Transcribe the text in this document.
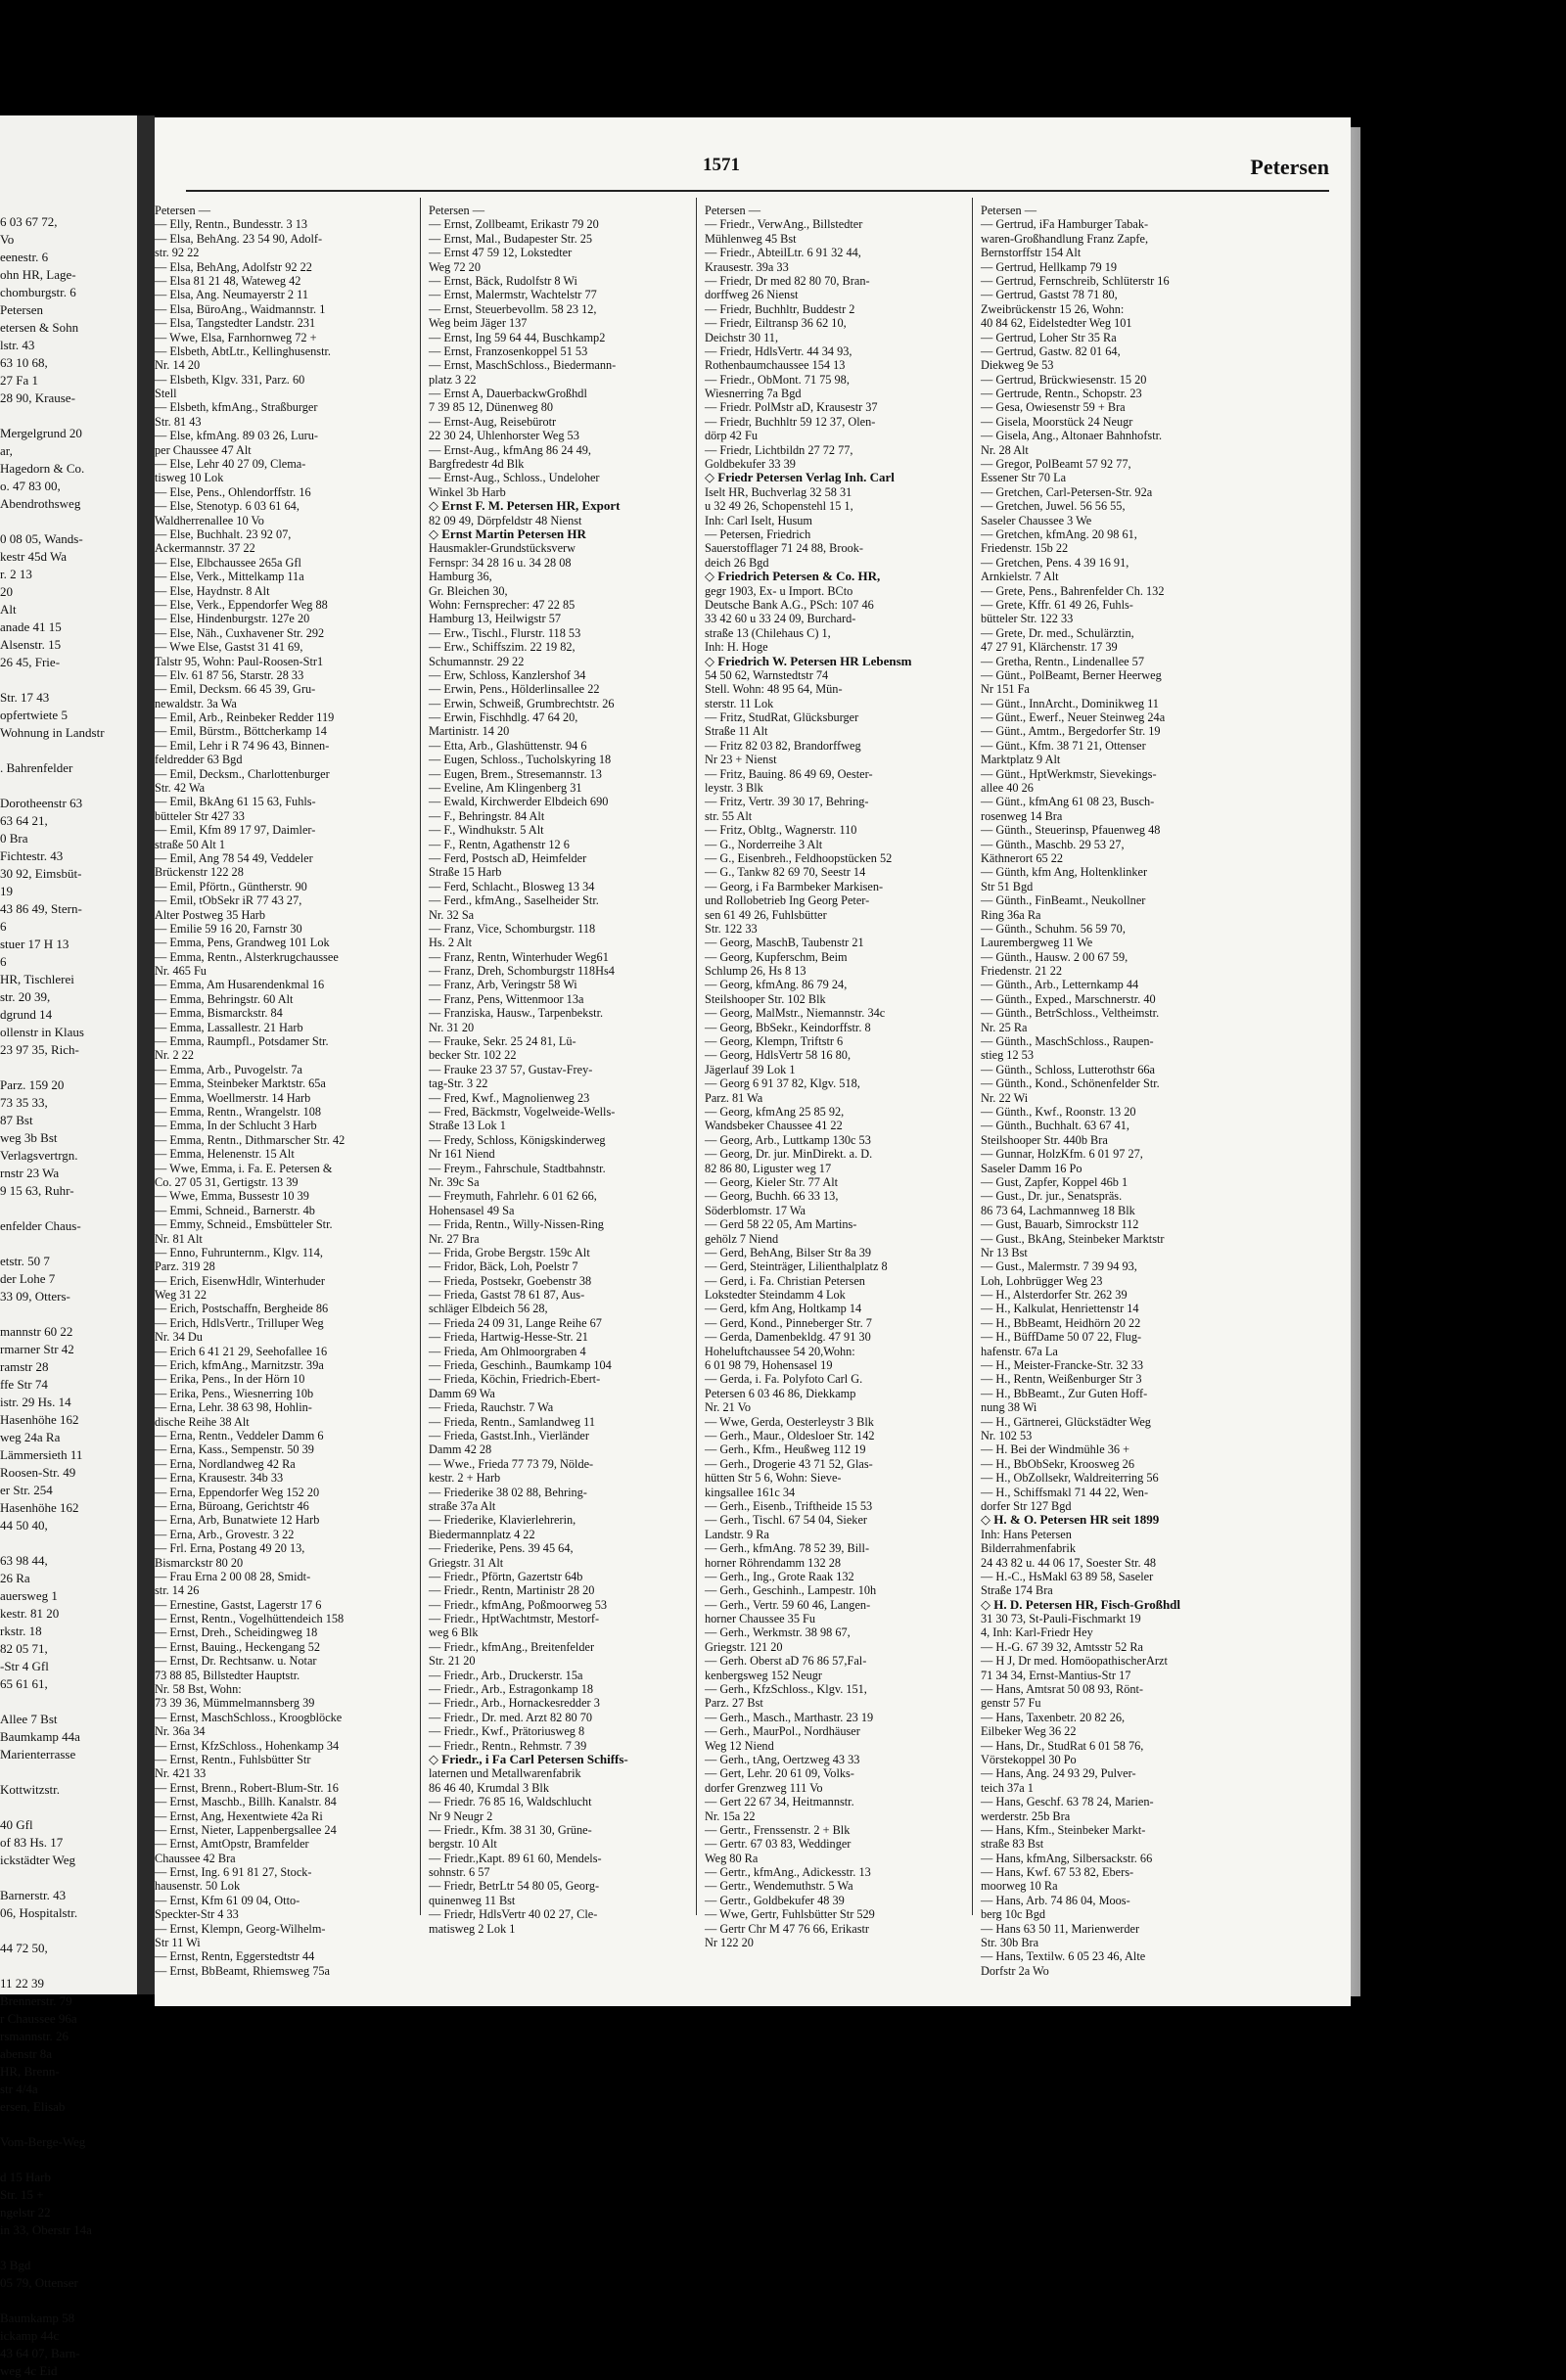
6 03 67 72,
Vo
eenestr. 6
ohn HR, Lage-
chomburgstr. 6
Petersen
etersen & Sohn
lstr. 43
63 10 68,
27 Fa 1
28 90, Krause-
Mergelgrund 20
ar,
Hagedorn & Co.
o. 47 83 00,
Abendrothsweg
0 08 05, Wands-
kestr 45d Wa
r. 2 13
20
Alt
anade 41 15
Alsenstr. 15
26 45, Frie-
Str. 17 43
opfertwiete 5
Wohnung in Landstr
. Bahrenfelder
Dorotheenstr 63
63 64 21,
0 Bra
Fichtestr. 43
30 92, Eimsbüt-
19
43 86 49, Stern-
6
stuer 17 H 13
6
HR, Tischlerei
str. 20 39,
dgrund 14
ollenstr in Klaus
23 97 35, Rich-
Parz. 159 20
73 35 33,
87 Bst
weg 3b Bst
Verlagsvertrgn.
rnstr 23 Wa
9 15 63, Ruhr-
enfelder Chaus-
etstr. 50 7
der Lohe 7
33 09, Otters-
mannstr 60 22
rmarner Str 42
ramstr 28
ffe Str 74
istr. 29 Hs. 14
Hasenhöhe 162
weg 24a Ra
Lämmersieth 11
Roosen-Str. 49
er Str. 254
Hasenhöhe 162
44 50 40,
63 98 44,
26 Ra
auersweg 1
kestr. 81 20
rkstr. 18
82 05 71,
-Str 4 Gfl
65 61 61,
Allee 7 Bst
Baumkamp 44a
Marienterrasse
Kottwitzstr.
40 Gfl
of 83 Hs. 17
ickstädter Weg
Barnerstr. 43
06, Hospitalstr.
44 72 50,
11 22 39
Brennerstr. 79
r Chaussee 96a
rsmannstr. 26
abenstr 8a
HR, Brenn-
str 4/4a
ersen, Elisab
Vom-Berge-Weg
d 15 Harb
Str. 15 +
ngelstr 22
in 33, Oberstr 14a
3 Bgd
05 79, Ottenser
Baumkamp 58
ickamp 44c
43 64 07, Barn-
weg 4c Eid
1571	Petersen
Petersen —
— Elly, Rentn., Bundesstr. 3 13
— Elsa, BehAng. 23 54 90, Adolf-
str. 92 22
— Elsa, BehAng, Adolfstr 92 22
— Elsa 81 21 48, Wateweg 42
— Elsa, Ang. Neumayerstr 2 11
— Elsa, BüroAng., Waidmannstr. 1
— Elsa, Tangstedter Landstr. 231
— Wwe, Elsa, Farnhornweg 72 +
— Elsbeth, AbtLtr., Kellinghusenstr.
Nr. 14 20
— Elsbeth, Klgv. 331, Parz. 60
Stell
— Elsbeth, kfmAng., Straßburger
Str. 81 43
— Else, kfmAng. 89 03 26, Luru-
per Chaussee 47 Alt
— Else, Lehr 40 27 09, Clema-
tisweg 10 Lok
— Else, Pens., Ohlendorffstr. 16
— Else, Stenotyp. 6 03 61 64,
Waldherrenallee 10 Vo
— Else, Buchhalt. 23 92 07,
Ackermannstr. 37 22
— Else, Elbchaussee 265a Gfl
— Else, Verk., Mittelkamp 11a
— Else, Haydnstr. 8 Alt
— Else, Verk., Eppendorfer Weg 88
— Else, Hindenburgstr. 127e 20
— Else, Näh., Cuxhavener Str. 292
— Wwe Else, Gastst 31 41 69,
Talstr 95, Wohn: Paul-Roosen-Str1
— Elv. 61 87 56, Starstr. 28 33
— Emil, Decksm. 66 45 39, Gru-
newaldstr. 3a Wa
— Emil, Arb., Reinbeker Redder 119
— Emil, Bürstm., Böttcherkamp 14
— Emil, Lehr i R 74 96 43, Binnen-
feldredder 63 Bgd
— Emil, Decksm., Charlottenburger
Str. 42 Wa
— Emil, BkAng 61 15 63, Fuhls-
bütteler Str 427 33
— Emil, Kfm 89 17 97, Daimler-
straße 50 Alt 1
— Emil, Ang 78 54 49, Veddeler
Brückenstr 122 28
— Emil, Pförtn., Güntherstr. 90
— Emil, tObSekr iR 77 43 27,
Alter Postweg 35 Harb
— Emilie 59 16 20, Farnstr 30
— Emma, Pens, Grandweg 101 Lok
— Emma, Rentn., Alsterkrugchaussee
Nr. 465 Fu
— Emma, Am Husarendenkmal 16
— Emma, Behringstr. 60 Alt
— Emma, Bismarckstr. 84
— Emma, Lassallestr. 21 Harb
— Emma, Raumpfl., Potsdamer Str.
Nr. 2 22
— Emma, Arb., Puvogelstr. 7a
— Emma, Steinbeker Marktstr. 65a
— Emma, Woellmerstr. 14 Harb
— Emma, Rentn., Wrangelstr. 108
— Emma, In der Schlucht 3 Harb
— Emma, Rentn., Dithmarscher Str. 42
— Emma, Helenenstr. 15 Alt
— Wwe, Emma, i. Fa. E. Petersen &
Co. 27 05 31, Gertigstr. 13 39
— Wwe, Emma, Bussestr 10 39
— Emmi, Schneid., Barnerstr. 4b
— Emmy, Schneid., Emsbütteler Str.
Nr. 81 Alt
— Enno, Fuhrunternm., Klgv. 114,
Parz. 319 28
— Erich, EisenwHdlr, Winterhuder
Weg 31 22
— Erich, Postschaffn, Bergheide 86
— Erich, HdlsVertr., Trilluper Weg
Nr. 34 Du
— Erich 6 41 21 29, Seehofallee 16
— Erich, kfmAng., Marnitzstr. 39a
— Erika, Pens., In der Hörn 10
— Erika, Pens., Wiesnerring 10b
— Erna, Lehr. 38 63 98, Hohlin-
dische Reihe 38 Alt
— Erna, Rentn., Veddeler Damm 6
— Erna, Kass., Sempenstr. 50 39
— Erna, Nordlandweg 42 Ra
— Erna, Krausestr. 34b 33
— Erna, Eppendorfer Weg 152 20
— Erna, Büroang, Gerichtstr 46
— Erna, Arb, Bunatwiete 12 Harb
— Erna, Arb., Grovestr. 3 22
— Frl. Erna, Postang 49 20 13,
Bismarckstr 80 20
— Frau Erna 2 00 08 28, Smidt-
str. 14 26
— Ernestine, Gastst, Lagerstr 17 6
— Ernst, Rentn., Vogelhüttendeich 158
— Ernst, Dreh., Scheidingweg 18
— Ernst, Bauing., Heckengang 52
— Ernst, Dr. Rechtsanw. u. Notar
73 88 85, Billstedter Hauptstr.
Nr. 58 Bst, Wohn:
73 39 36, Mümmelmannsberg 39
— Ernst, MaschSchloss., Kroogblöcke
Nr. 36a 34
— Ernst, KfzSchloss., Hohenkamp 34
— Ernst, Rentn., Fuhlsbütter Str
Nr. 421 33
— Ernst, Brenn., Robert-Blum-Str. 16
— Ernst, Maschb., Billh. Kanalstr. 84
— Ernst, Ang, Hexentwiete 42a Ri
— Ernst, Nieter, Lappenbergsallee 24
— Ernst, AmtOpstr, Bramfelder
Chaussee 42 Bra
— Ernst, Ing. 6 91 81 27, Stock-
hausenstr. 50 Lok
— Ernst, Kfm 61 09 04, Otto-
Speckter-Str 4 33
— Ernst, Klempn, Georg-Wilhelm-
Str 11 Wi
— Ernst, Rentn, Eggerstedtstr 44
— Ernst, BbBeamt, Rhiemsweg 75a
Petersen —
— Ernst, Zollbeamt, Erikastr 79 20
— Ernst, Mal., Budapester Str. 25
— Ernst 47 59 12, Lokstedter
Weg 72 20
— Ernst, Bäck, Rudolfstr 8 Wi
— Ernst, Malermstr, Wachtelstr 77
— Ernst, Steuerbevollm. 58 23 12,
Weg beim Jäger 137
— Ernst, Ing 59 64 44, Buschkamp2
— Ernst, Franzosenkoppel 51 53
— Ernst, MaschSchloss., Biedermann-
platz 3 22
— Ernst A, DauerbackwGroßhdl
7 39 85 12, Dünenweg 80
— Ernst-Aug, Reisebürotr
22 30 24, Uhlenhorster Weg 53
— Ernst-Aug., kfmAng 86 24 49,
Bargfredestr 4d Blk
— Ernst-Aug., Schloss., Undeloher
Winkel 3b Harb
◇ Ernst F. M. Petersen HR, Export
82 09 49, Dörpfeldstr 48 Nienst
◇ Ernst Martin Petersen HR
Hausmakler-Grundstücksverw
Fernspr: 34 28 16 u. 34 28 08
Hamburg 36,
Gr. Bleichen 30,
Wohn: Fernsprecher: 47 22 85
Hamburg 13, Heilwigstr 57
— Erw., Tischl., Flurstr. 118 53
— Erw., Schiffszim. 22 19 82,
Schumannstr. 29 22
— Erw, Schloss, Kanzlershof 34
— Erwin, Pens., Hölderlinsallee 22
— Erwin, Schweiß, Grumbrechtstr. 26
— Erwin, Fischhdlg. 47 64 20,
Martinistr. 14 20
— Etta, Arb., Glashüttenstr. 94 6
— Eugen, Schloss., Tucholskyring 18
— Eugen, Brem., Stresemannstr. 13
— Eveline, Am Klingenberg 31
— Ewald, Kirchwerder Elbdeich 690
— F., Behringstr. 84 Alt
— F., Windhukstr. 5 Alt
— F., Rentn, Agathenstr 12 6
— Ferd, Postsch aD, Heimfelder
Straße 15 Harb
— Ferd, Schlacht., Blosweg 13 34
— Ferd., kfmAng., Saselheider Str.
Nr. 32 Sa
— Franz, Vice, Schomburgstr. 118
Hs. 2 Alt
— Franz, Rentn, Winterhuder Weg61
— Franz, Dreh, Schomburgstr 118Hs4
— Franz, Arb, Veringstr 58 Wi
— Franz, Pens, Wittenmoor 13a
— Franziska, Hausw., Tarpenbekstr.
Nr. 31 20
— Frauke, Sekr. 25 24 81, Lü-
becker Str. 102 22
— Frauke 23 37 57, Gustav-Frey-
tag-Str. 3 22
— Fred, Kwf., Magnolienweg 23
— Fred, Bäckmstr, Vogelweide-Wells-
Straße 13 Lok 1
— Fredy, Schloss, Königskinderweg
Nr 161 Niend
— Freym., Fahrschule, Stadtbahnstr.
Nr. 39c Sa
— Freymuth, Fahrlehr. 6 01 62 66,
Hohensasel 49 Sa
— Frida, Rentn., Willy-Nissen-Ring
Nr. 27 Bra
— Frida, Grobe Bergstr. 159c Alt
— Fridor, Bäck, Loh, Poelstr 7
— Frieda, Postsekr, Goebenstr 38
— Frieda, Gastst 78 61 87, Aus-
schläger Elbdeich 56 28,
— Frieda 24 09 31, Lange Reihe 67
— Frieda, Hartwig-Hesse-Str. 21
— Frieda, Am Ohlmoorgraben 4
— Frieda, Geschinh., Baumkamp 104
— Frieda, Köchin, Friedrich-Ebert-
Damm 69 Wa
— Frieda, Rauchstr. 7 Wa
— Frieda, Rentn., Samlandweg 11
— Frieda, Gastst.Inh., Vierländer
Damm 42 28
— Wwe., Frieda 77 73 79, Nölde-
kestr. 2 + Harb
— Friederike 38 02 88, Behring-
straße 37a Alt
— Friederike, Klavierlehrerin,
Biedermannplatz 4 22
— Friederike, Pens. 39 45 64,
Griegstr. 31 Alt
— Friedr., Pförtn, Gazertstr 64b
— Friedr., Rentn, Martinistr 28 20
— Friedr., kfmAng, Poßmoorweg 53
— Friedr., HptWachtmstr, Mestorf-
weg 6 Blk
— Friedr., kfmAng., Breitenfelder
Str. 21 20
— Friedr., Arb., Druckerstr. 15a
— Friedr., Arb., Estragonkamp 18
— Friedr., Arb., Hornackesredder 3
— Friedr., Dr. med. Arzt 82 80 70
— Friedr., Kwf., Prätoriusweg 8
— Friedr., Rentn., Rehmstr. 7 39
◇ Friedr., i Fa Carl Petersen Schiffs-
laternen und Metallwarenfabrik
86 46 40, Krumdal 3 Blk
— Friedr. 76 85 16, Waldschlucht
Nr 9 Neugr 2
— Friedr., Kfm. 38 31 30, Grüne-
bergstr. 10 Alt
— Friedr.,Kapt. 89 61 60, Mendels-
sohnstr. 6 57
— Friedr, BetrLtr 54 80 05, Georg-
quinenweg 11 Bst
— Friedr, HdlsVertr 40 02 27, Cle-
matisweg 2 Lok 1
Petersen —
— Friedr., VerwAng., Billstedter
Mühlenweg 45 Bst
— Friedr., AbteilLtr. 6 91 32 44,
Krausestr. 39a 33
— Friedr, Dr med 82 80 70, Bran-
dorffweg 26 Nienst
— Friedr, Buchhltr, Buddestr 2
— Friedr, Eiltransp 36 62 10,
Deichstr 30 11,
— Friedr, HdlsVertr. 44 34 93,
Rothenbaumchaussee 154 13
— Friedr., ObMont. 71 75 98,
Wiesnerring 7a Bgd
— Friedr. PolMstr aD, Krausestr 37
— Friedr, Buchhltr 59 12 37, Olen-
dörp 42 Fu
— Friedr, Lichtbildn 27 72 77,
Goldbekufer 33 39
◇ Friedr Petersen Verlag Inh. Carl
Iselt HR, Buchverlag 32 58 31
u 32 49 26, Schopenstehl 15 1,
Inh: Carl Iselt, Husum
— Petersen, Friedrich
Sauerstofflager 71 24 88, Brook-
deich 26 Bgd
◇ Friedrich Petersen & Co. HR,
gegr 1903, Ex- u Import. BCto
Deutsche Bank A.G., PSch: 107 46
33 42 60 u 33 24 09, Burchard-
straße 13 (Chilehaus C) 1,
Inh: H. Hoge
◇ Friedrich W. Petersen HR Lebensm
54 50 62, Warnstedtstr 74
Stell. Wohn: 48 95 64, Mün-
sterstr. 11 Lok
— Fritz, StudRat, Glücksburger
Straße 11 Alt
— Fritz 82 03 82, Brandorffweg
Nr 23 + Nienst
— Fritz, Bauing. 86 49 69, Oester-
leystr. 3 Blk
— Fritz, Vertr. 39 30 17, Behring-
str. 55 Alt
— Fritz, Obltg., Wagnerstr. 110
— G., Norderreihe 3 Alt
— G., Eisenbreh., Feldhoopstücken 52
— G., Tankw 82 69 70, Seestr 14
— Georg, i Fa Barmbeker Markisen-
und Rollobetrieb Ing Georg Peter-
sen 61 49 26, Fuhlsbütter
Str. 122 33
— Georg, MaschB, Taubenstr 21
— Georg, Kupferschm, Beim
Schlump 26, Hs 8 13
— Georg, kfmAng. 86 79 24,
Steilshooper Str. 102 Blk
— Georg, MalMstr., Niemannstr. 34c
— Georg, BbSekr., Keindorffstr. 8
— Georg, Klempn, Triftstr 6
— Georg, HdlsVertr 58 16 80,
Jägerlauf 39 Lok 1
— Georg 6 91 37 82, Klgv. 518,
Parz. 81 Wa
— Georg, kfmAng 25 85 92,
Wandsbeker Chaussee 41 22
— Georg, Arb., Luttkamp 130c 53
— Georg, Dr. jur. MinDirekt. a. D.
82 86 80, Liguster weg 17
— Georg, Kieler Str. 77 Alt
— Georg, Buchh. 66 33 13,
Söderblomstr. 17 Wa
— Gerd 58 22 05, Am Martins-
gehölz 7 Niend
— Gerd, BehAng, Bilser Str 8a 39
— Gerd, Steinträger, Lilienthalplatz 8
— Gerd, i. Fa. Christian Petersen
Lokstedter Steindamm 4 Lok
— Gerd, kfm Ang, Holtkamp 14
— Gerd, Kond., Pinneberger Str. 7
— Gerda, Damenbekldg. 47 91 30
Hoheluftchaussee 54 20,Wohn:
6 01 98 79, Hohensasel 19
— Gerda, i. Fa. Polyfoto Carl G.
Petersen 6 03 46 86, Diekkamp
Nr. 21 Vo
— Wwe, Gerda, Oesterleystr 3 Blk
— Gerh., Maur., Oldesloer Str. 142
— Gerh., Kfm., Heußweg 112 19
— Gerh., Drogerie 43 71 52, Glas-
hütten Str 5 6, Wohn: Sieve-
kingsallee 161c 34
— Gerh., Eisenb., Triftheide 15 53
— Gerh., Tischl. 67 54 04, Sieker
Landstr. 9 Ra
— Gerh., kfmAng. 78 52 39, Bill-
horner Röhrendamm 132 28
— Gerh., Ing., Grote Raak 132
— Gerh., Geschinh., Lampestr. 10h
— Gerh., Vertr. 59 60 46, Langen-
horner Chaussee 35 Fu
— Gerh., Werkmstr. 38 98 67,
Griegstr. 121 20
— Gerh. Oberst aD 76 86 57,Fal-
kenbergsweg 152 Neugr
— Gerh., KfzSchloss., Klgv. 151,
Parz. 27 Bst
— Gerh., Masch., Marthastr. 23 19
— Gerh., MaurPol., Nordhäuser
Weg 12 Niend
— Gerh., tAng, Oertzweg 43 33
— Gert, Lehr. 20 61 09, Volks-
dorfer Grenzweg 111 Vo
— Gert 22 67 34, Heitmannstr.
Nr. 15a 22
— Gertr., Frenssenstr. 2 + Blk
— Gertr. 67 03 83, Weddinger
Weg 80 Ra
— Gertr., kfmAng., Adickesstr. 13
— Gertr., Wendemuthstr. 5 Wa
— Gertr., Goldbekufer 48 39
— Wwe, Gertr, Fuhlsbütter Str 529
— Gertr Chr M 47 76 66, Erikastr
Nr 122 20
Petersen —
— Gertrud, iFa Hamburger Tabak-
waren-Großhandlung Franz Zapfe,
Bernstorffstr 154 Alt
— Gertrud, Hellkamp 79 19
— Gertrud, Fernschreib, Schlüterstr 16
— Gertrud, Gastst 78 71 80,
Zweibrückenstr 15 26, Wohn:
40 84 62, Eidelstedter Weg 101
— Gertrud, Loher Str 35 Ra
— Gertrud, Gastw. 82 01 64,
Diekweg 9e 53
— Gertrud, Brückwiesenstr. 15 20
— Gertrude, Rentn., Schopstr. 23
— Gesa, Owiesenstr 59 + Bra
— Gisela, Moorstück 24 Neugr
— Gisela, Ang., Altonaer Bahnhofstr.
Nr. 28 Alt
— Gregor, PolBeamt 57 92 77,
Essener Str 70 La
— Gretchen, Carl-Petersen-Str. 92a
— Gretchen, Juwel. 56 56 55,
Saseler Chaussee 3 We
— Gretchen, kfmAng. 20 98 61,
Friedenstr. 15b 22
— Gretchen, Pens. 4 39 16 91,
Arnkielstr. 7 Alt
— Grete, Pens., Bahrenfelder Ch. 132
— Grete, Kffr. 61 49 26, Fuhls-
bütteler Str. 122 33
— Grete, Dr. med., Schulärztin,
47 27 91, Klärchenstr. 17 39
— Gretha, Rentn., Lindenallee 57
— Günt., PolBeamt, Berner Heerweg
Nr 151 Fa
— Günt., InnArcht., Dominikweg 11
— Günt., Ewerf., Neuer Steinweg 24a
— Günt., Amtm., Bergedorfer Str. 19
— Günt., Kfm. 38 71 21, Ottenser
Marktplatz 9 Alt
— Günt., HptWerkmstr, Sievekings-
allee 40 26
— Günt., kfmAng 61 08 23, Busch-
rosenweg 14 Bra
— Günth., Steuerinsp, Pfauenweg 48
— Günth., Maschb. 29 53 27,
Käthnerort 65 22
— Günth, kfm Ang, Holtenklinker
Str 51 Bgd
— Günth., FinBeamt., Neukollner
Ring 36a Ra
— Günth., Schuhm. 56 59 70,
Laurembergweg 11 We
— Günth., Hausw. 2 00 67 59,
Friedenstr. 21 22
— Günth., Arb., Letternkamp 44
— Günth., Exped., Marschnerstr. 40
— Günth., BetrSchloss., Veltheimstr.
Nr. 25 Ra
— Günth., MaschSchloss., Raupen-
stieg 12 53
— Günth., Schloss, Lutterothstr 66a
— Günth., Kond., Schönenfelder Str.
Nr. 22 Wi
— Günth., Kwf., Roonstr. 13 20
— Günth., Buchhalt. 63 67 41,
Steilshooper Str. 440b Bra
— Gunnar, HolzKfm. 6 01 97 27,
Saseler Damm 16 Po
— Gust, Zapfer, Koppel 46b 1
— Gust., Dr. jur., Senatspräs.
86 73 64, Lachmannweg 18 Blk
— Gust, Bauarb, Simrockstr 112
— Gust., BkAng, Steinbeker Marktstr
Nr 13 Bst
— Gust., Malermstr. 7 39 94 93,
Loh, Lohbrügger Weg 23
— H., Alsterdorfer Str. 262 39
— H., Kalkulat, Henriettenstr 14
— H., BbBeamt, Heidhörn 20 22
— H., BüffDame 50 07 22, Flug-
hafenstr. 67a La
— H., Meister-Francke-Str. 32 33
— H., Rentn, Weißenburger Str 3
— H., BbBeamt., Zur Guten Hoff-
nung 38 Wi
— H., Gärtnerei, Glückstädter Weg
Nr. 102 53
— H. Bei der Windmühle 36 +
— H., BbObSekr, Kroosweg 26
— H., ObZollsekr, Waldreiterring 56
— H., Schiffsmakl 71 44 22, Wen-
dorfer Str 127 Bgd
◇ H. & O. Petersen HR seit 1899
Inh: Hans Petersen
Bilderrahmenfabrik
24 43 82 u. 44 06 17, Soester Str. 48
— H.-C., HsMakl 63 89 58, Saseler
Straße 174 Bra
◇ H. D. Petersen HR, Fisch-Großhdl
31 30 73, St-Pauli-Fischmarkt 19
4, Inh: Karl-Friedr Hey
— H.-G. 67 39 32, Amtsstr 52 Ra
— H J, Dr med. HomöopathischerArzt
71 34 34, Ernst-Mantius-Str 17
— Hans, Amtsrat 50 08 93, Rönt-
genstr 57 Fu
— Hans, Taxenbetr. 20 82 26,
Eilbeker Weg 36 22
— Hans, Dr., StudRat 6 01 58 76,
Vörstekoppel 30 Po
— Hans, Ang. 24 93 29, Pulver-
teich 37a 1
— Hans, Geschf. 63 78 24, Marien-
werderstr. 25b Bra
— Hans, Kfm., Steinbeker Markt-
straße 83 Bst
— Hans, kfmAng, Silbersackstr. 66
— Hans, Kwf. 67 53 82, Ebers-
moorweg 10 Ra
— Hans, Arb. 74 86 04, Moos-
berg 10c Bgd
— Hans 63 50 11, Marienwerder
Str. 30b Bra
— Hans, Textilw. 6 05 23 46, Alte
Dorfstr 2a Wo
